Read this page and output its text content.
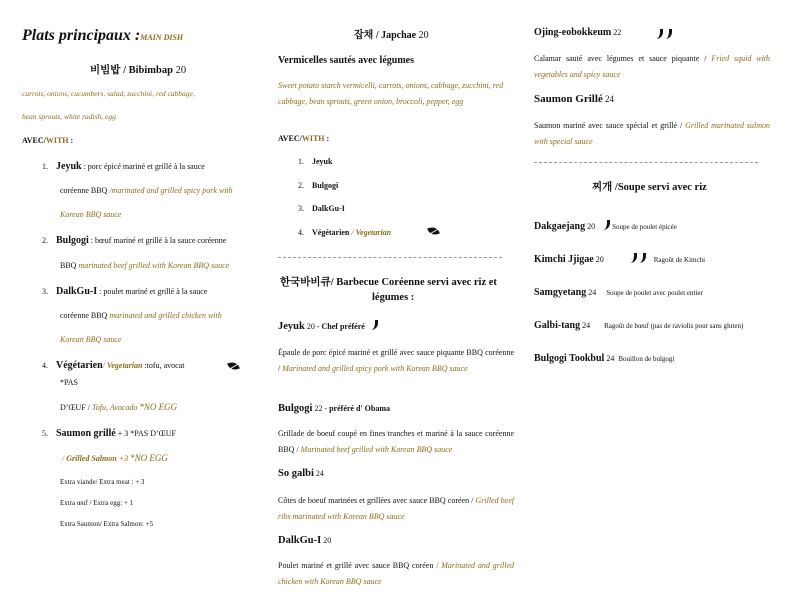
Plats principaux :MAIN DISH
비빔밥 / Bibimbap 20
carrots, onions, cucumbers, salad, zucchini, red cabbage,
bean sprouts, white radish, egg
AVEC/WITH :
1. Jeyuk : porc épicé mariné et grillé à la sauce
coréenne BBQ /marinated and grilled spicy pork with
Korean BBQ sauce
2. Bulgogi : bœuf mariné et grillé à la sauce coréenne
BBQ marinated beef grilled with Korean BBQ sauce
3. DalkGu-I : poulet mariné et grillé à la sauce
coréenne BBQ marinated and grilled chicken with
Korean BBQ sauce
4. Végétarien/ Vegetarian :tofu, avocat
*PAS
D’ŒUF / Tofu, Avocado *NO EGG
5. Saumon grillé + 3 *PAS D’ŒUF
/ Grilled Salmon +3 *NO EGG
Extra viande/ Extra meat : + 3
Extra œuf / Extra egg: + 1
Extra Saumon/ Extra Salmon: +5
잡채 / Japchae 20
Vermicelles sautés avec légumes
Sweet potato starch vermicelli, carrots, onions, cabbage, zucchini, red cabbage, bean sprouts, green onion, broccoli, pepper, egg
AVEC/WITH :
1. Jeyuk
2. Bulgogi
3. DalkGu-I
4. Végétarien / Vegetarian
한국바비큐/ Barbecue Coréenne servi avec riz et
légumes :
Jeyuk 20 - Chef préféré
Épaule de porc épicé mariné et grillé avec sauce piquante BBQ coréenne / Marinated and grilled spicy pork with Korean BBQ sauce
Bulgogi 22 - préféré d' Obama
Grillade de boeuf coupé en fines tranches et mariné à la sauce coréenne BBQ / Marinated beef grilled with Korean BBQ sauce
So galbi 24
Côtes de boeuf marinées et grillées avec sauce BBQ coréen / Grilled beef ribs marinated with Korean BBQ sauce
DalkGu-I 20
Poulet mariné et grillé avec sauce BBQ coréen / Marinated and grilled chicken with Korean BBQ sauce
Ojing-eobokkeum 22
Calamar sauté avec légumes et sauce piquante / Fried squid with vegetables and spicy sauce
Saumon Grillé 24
Saumon mariné avec sauce spécial et grillé / Grilled marinated salmon with special sauce
찌개 /Soupe servi avec riz
Dakgaejang 20 Soupe de poulet épicée
Kimchi Jjigae 20	Ragoût de Kimchi
Samgyetang 24 Soupe de poulet avec poulet entier
Galbi-tang 24 Ragoût de bœuf (pas de raviolis pour sans gluten)
Bulgogi Tookbul 24 Bouillon de bulgogi
